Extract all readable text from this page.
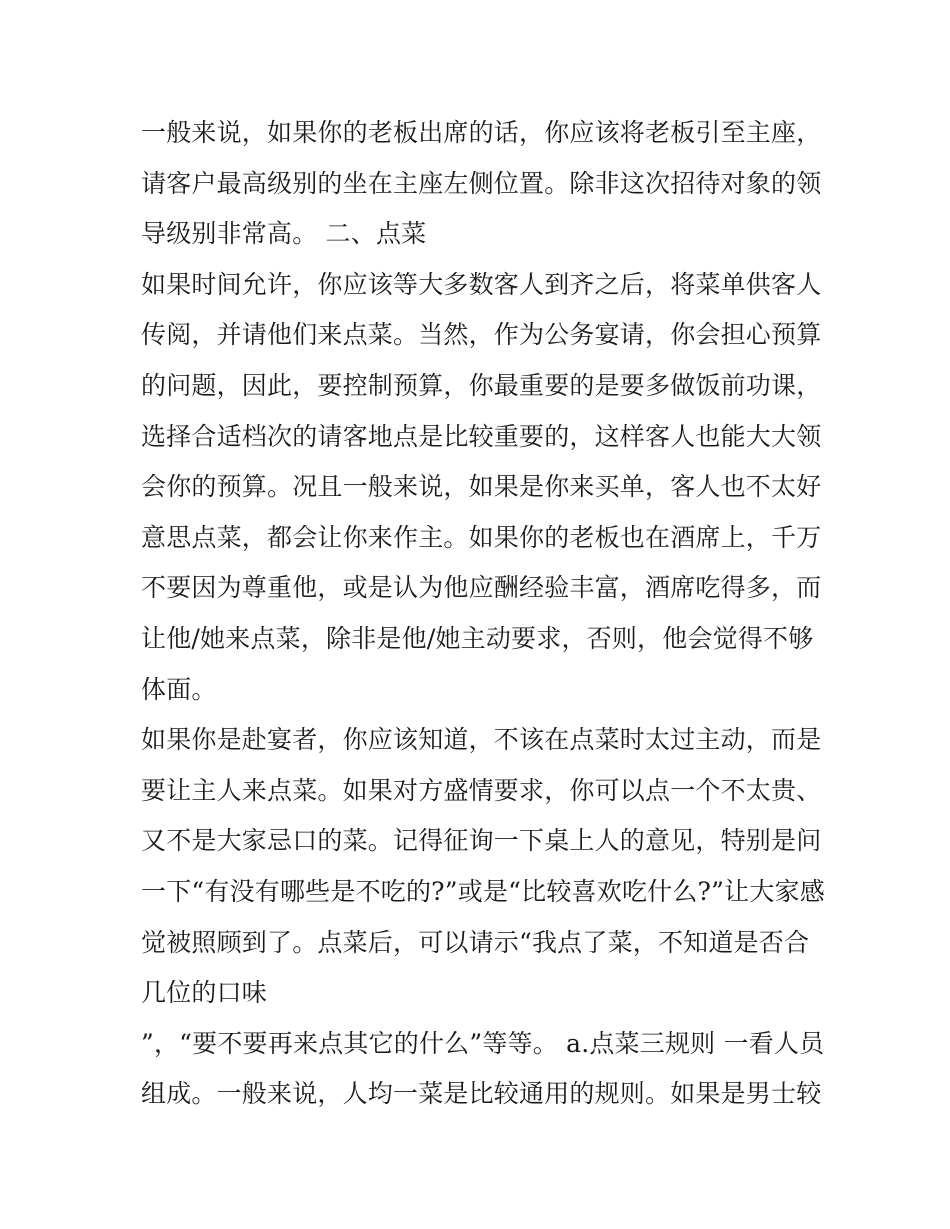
一般来说，如果你的老板出席的话，你应该将老板引至主座，
请客户最高级别的坐在主座左侧位置。除非这次招待对象的领
导级别非常高。 二、点菜
如果时间允许，你应该等大多数客人到齐之后，将菜单供客人
传阅，并请他们来点菜。当然，作为公务宴请，你会担心预算
的问题，因此，要控制预算，你最重要的是要多做饭前功课，
选择合适档次的请客地点是比较重要的，这样客人也能大大领
会你的预算。况且一般来说，如果是你来买单，客人也不太好
意思点菜，都会让你来作主。如果你的老板也在酒席上，千万
不要因为尊重他，或是认为他应酬经验丰富，酒席吃得多，而
让他/她来点菜，除非是他/她主动要求，否则，他会觉得不够
体面。
如果你是赴宴者，你应该知道，不该在点菜时太过主动，而是
要让主人来点菜。如果对方盛情要求，你可以点一个不太贵、
又不是大家忌口的菜。记得征询一下桌上人的意见，特别是问
一下“有没有哪些是不吃的?”或是“比较喜欢吃什么?”让大家感
觉被照顾到了。点菜后，可以请示“我点了菜，不知道是否合
几位的口味
”，“要不要再来点其它的什么”等等。 a.点菜三规则 一看人员
组成。一般来说，人均一菜是比较通用的规则。如果是男士较
